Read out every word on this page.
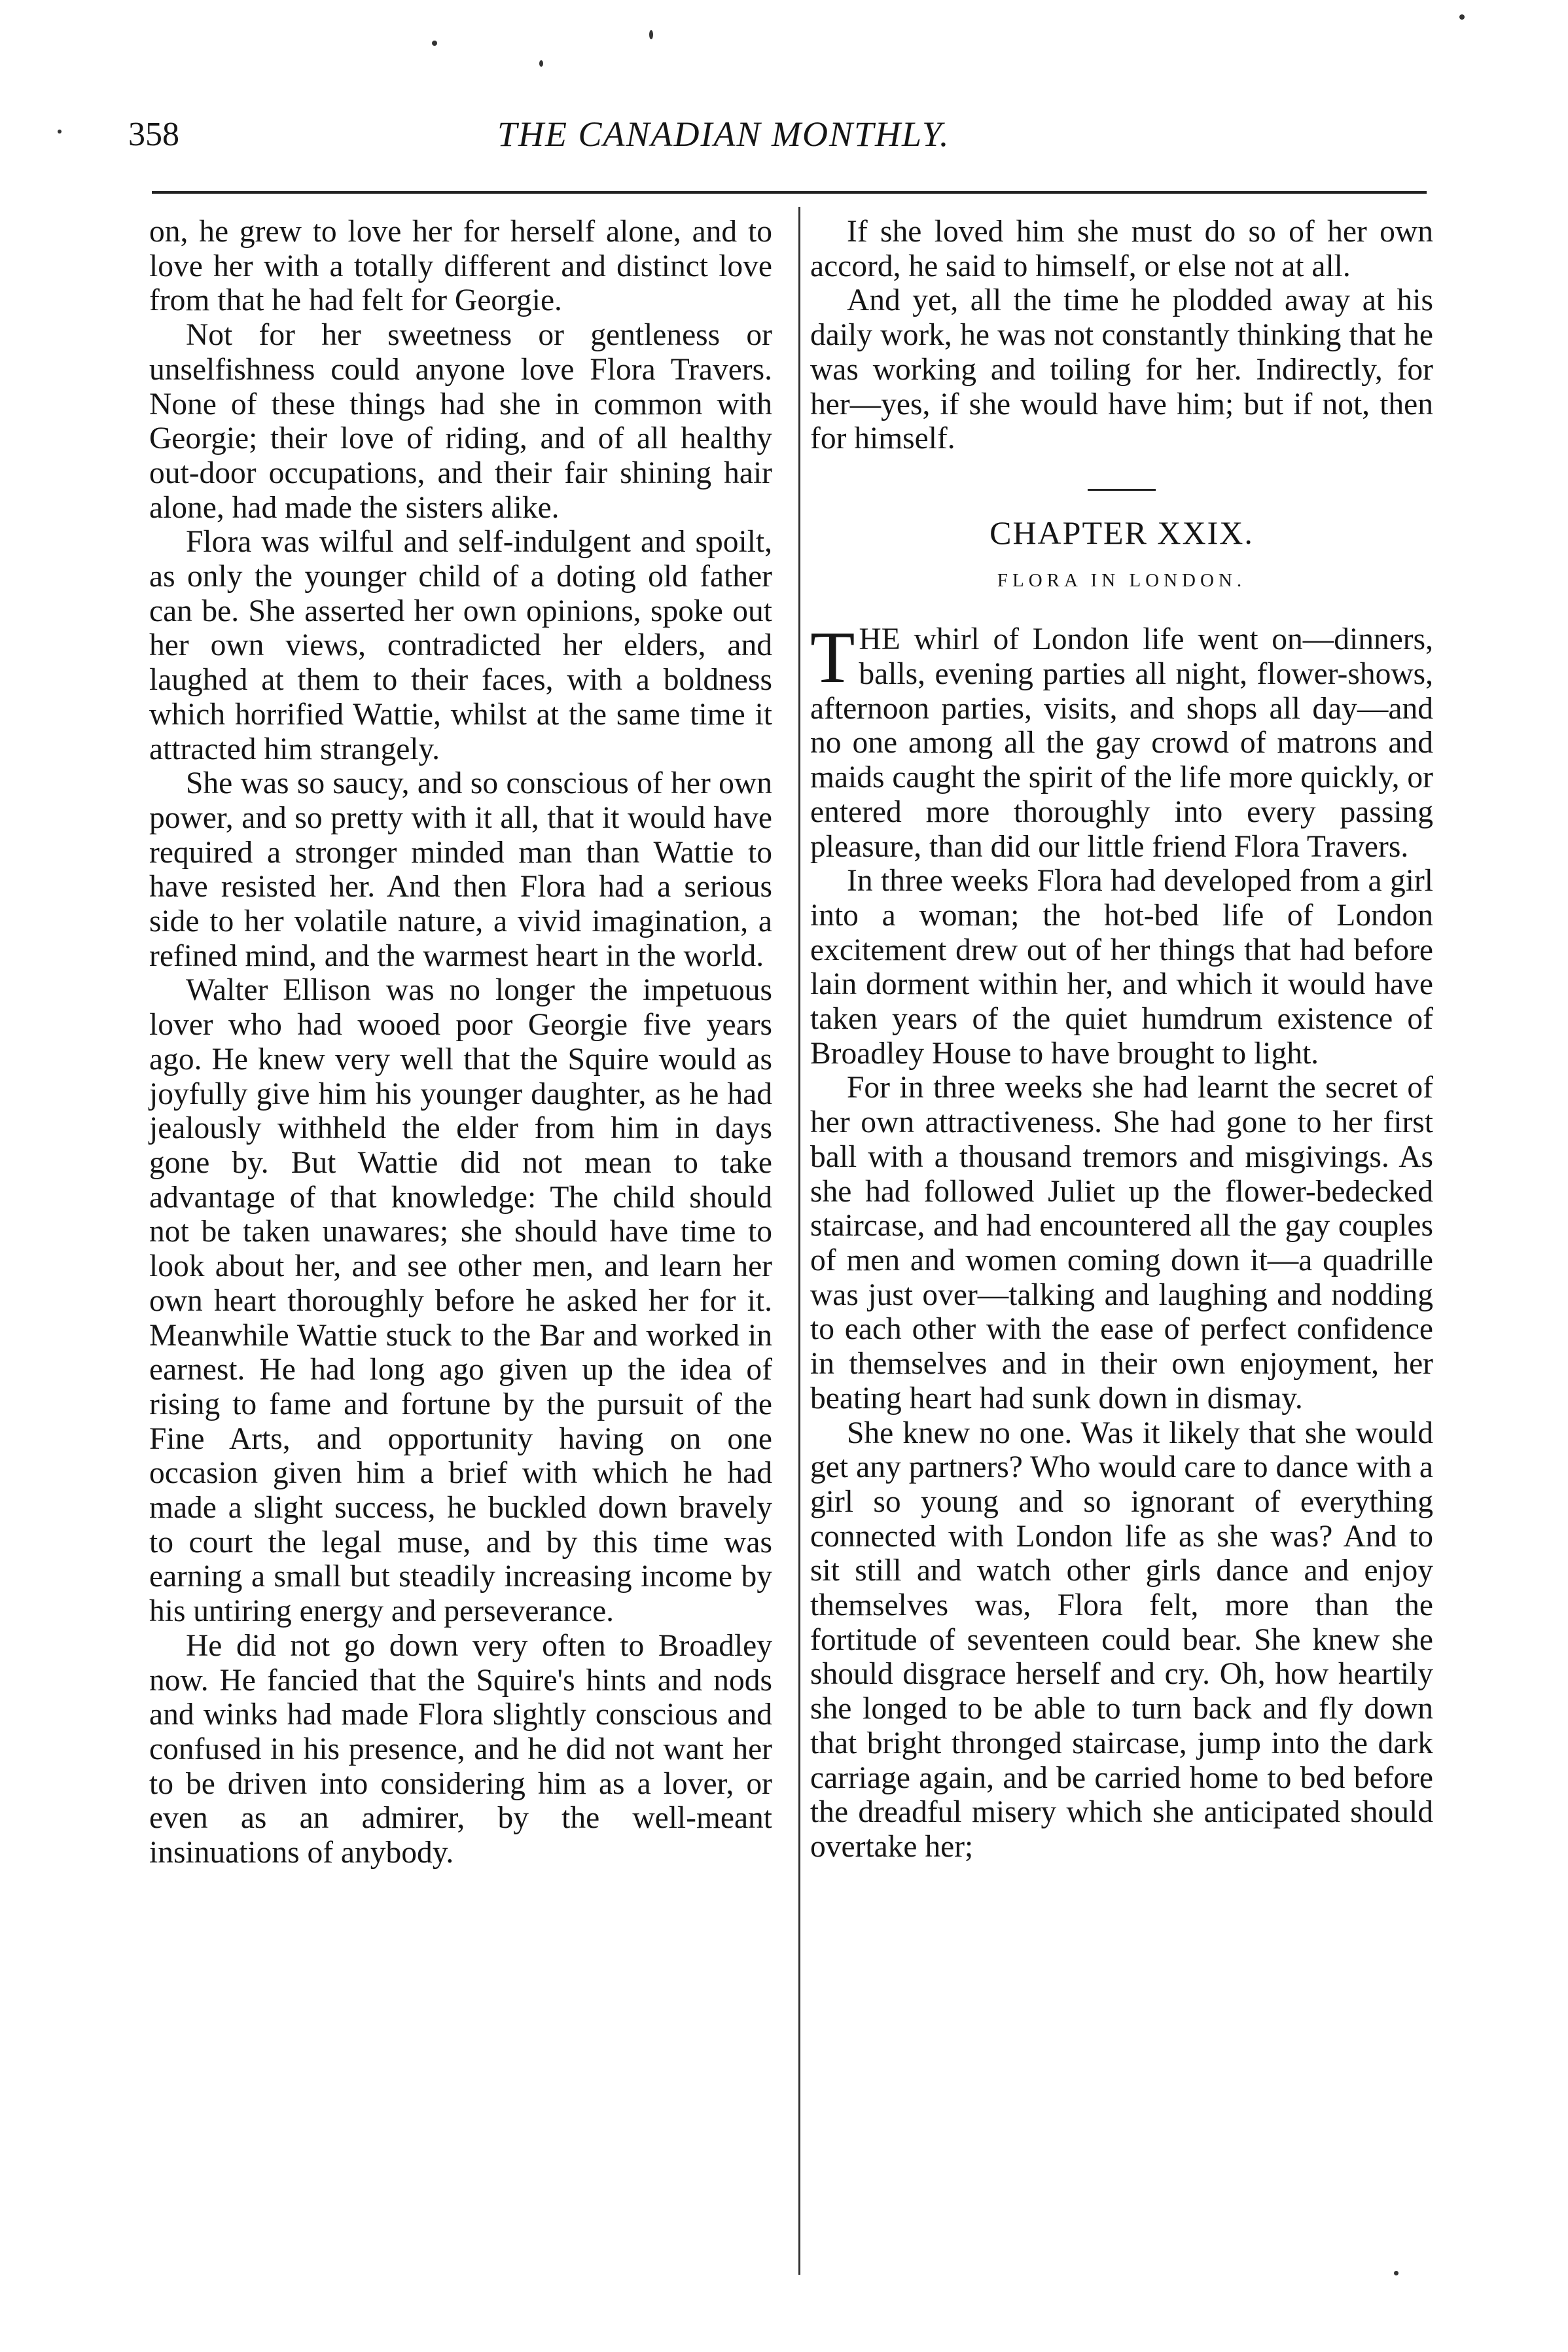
358	THE CANADIAN MONTHLY.

on, he grew to love her for herself alone, and to love her with a totally different and distinct love from that he had felt for Georgie.

Not for her sweetness or gentleness or unselfishness could anyone love Flora Travers. None of these things had she in common with Georgie; their love of riding, and of all healthy out-door occupations, and their fair shining hair alone, had made the sisters alike.

Flora was wilful and self-indulgent and spoilt, as only the younger child of a doting old father can be. She asserted her own opinions, spoke out her own views, contradicted her elders, and laughed at them to their faces, with a boldness which horrified Wattie, whilst at the same time it attracted him strangely.

She was so saucy, and so conscious of her own power, and so pretty with it all, that it would have required a stronger minded man than Wattie to have resisted her. And then Flora had a serious side to her volatile nature, a vivid imagination, a refined mind, and the warmest heart in the world.

Walter Ellison was no longer the impetuous lover who had wooed poor Georgie five years ago. He knew very well that the Squire would as joyfully give him his younger daughter, as he had jealously withheld the elder from him in days gone by. But Wattie did not mean to take advantage of that knowledge: The child should not be taken unawares; she should have time to look about her, and see other men, and learn her own heart thoroughly before he asked her for it. Meanwhile Wattie stuck to the Bar and worked in earnest. He had long ago given up the idea of rising to fame and fortune by the pursuit of the Fine Arts, and opportunity having on one occasion given him a brief with which he had made a slight success, he buckled down bravely to court the legal muse, and by this time was earning a small but steadily increasing income by his untiring energy and perseverance.

He did not go down very often to Broadley now. He fancied that the Squire's hints and nods and winks had made Flora slightly conscious and confused in his presence, and he did not want her to be driven into considering him as a lover, or even as an admirer, by the well-meant insinuations of anybody.

If she loved him she must do so of her own accord, he said to himself, or else not at all.

And yet, all the time he plodded away at his daily work, he was not constantly thinking that he was working and toiling for her. Indirectly, for her—yes, if she would have him; but if not, then for himself.

CHAPTER XXIX.
FLORA IN LONDON.

THE whirl of London life went on—dinners, balls, evening parties all night, flower-shows, afternoon parties, visits, and shops all day—and no one among all the gay crowd of matrons and maids caught the spirit of the life more quickly, or entered more thoroughly into every passing pleasure, than did our little friend Flora Travers.

In three weeks Flora had developed from a girl into a woman; the hot-bed life of London excitement drew out of her things that had before lain dorment within her, and which it would have taken years of the quiet humdrum existence of Broadley House to have brought to light.

For in three weeks she had learnt the secret of her own attractiveness. She had gone to her first ball with a thousand tremors and misgivings. As she had followed Juliet up the flower-bedecked staircase, and had encountered all the gay couples of men and women coming down it—a quadrille was just over—talking and laughing and nodding to each other with the ease of perfect confidence in themselves and in their own enjoyment, her beating heart had sunk down in dismay.

She knew no one. Was it likely that she would get any partners? Who would care to dance with a girl so young and so ignorant of everything connected with London life as she was? And to sit still and watch other girls dance and enjoy themselves was, Flora felt, more than the fortitude of seventeen could bear. She knew she should disgrace herself and cry. Oh, how heartily she longed to be able to turn back and fly down that bright thronged staircase, jump into the dark carriage again, and be carried home to bed before the dreadful misery which she anticipated should overtake her;
